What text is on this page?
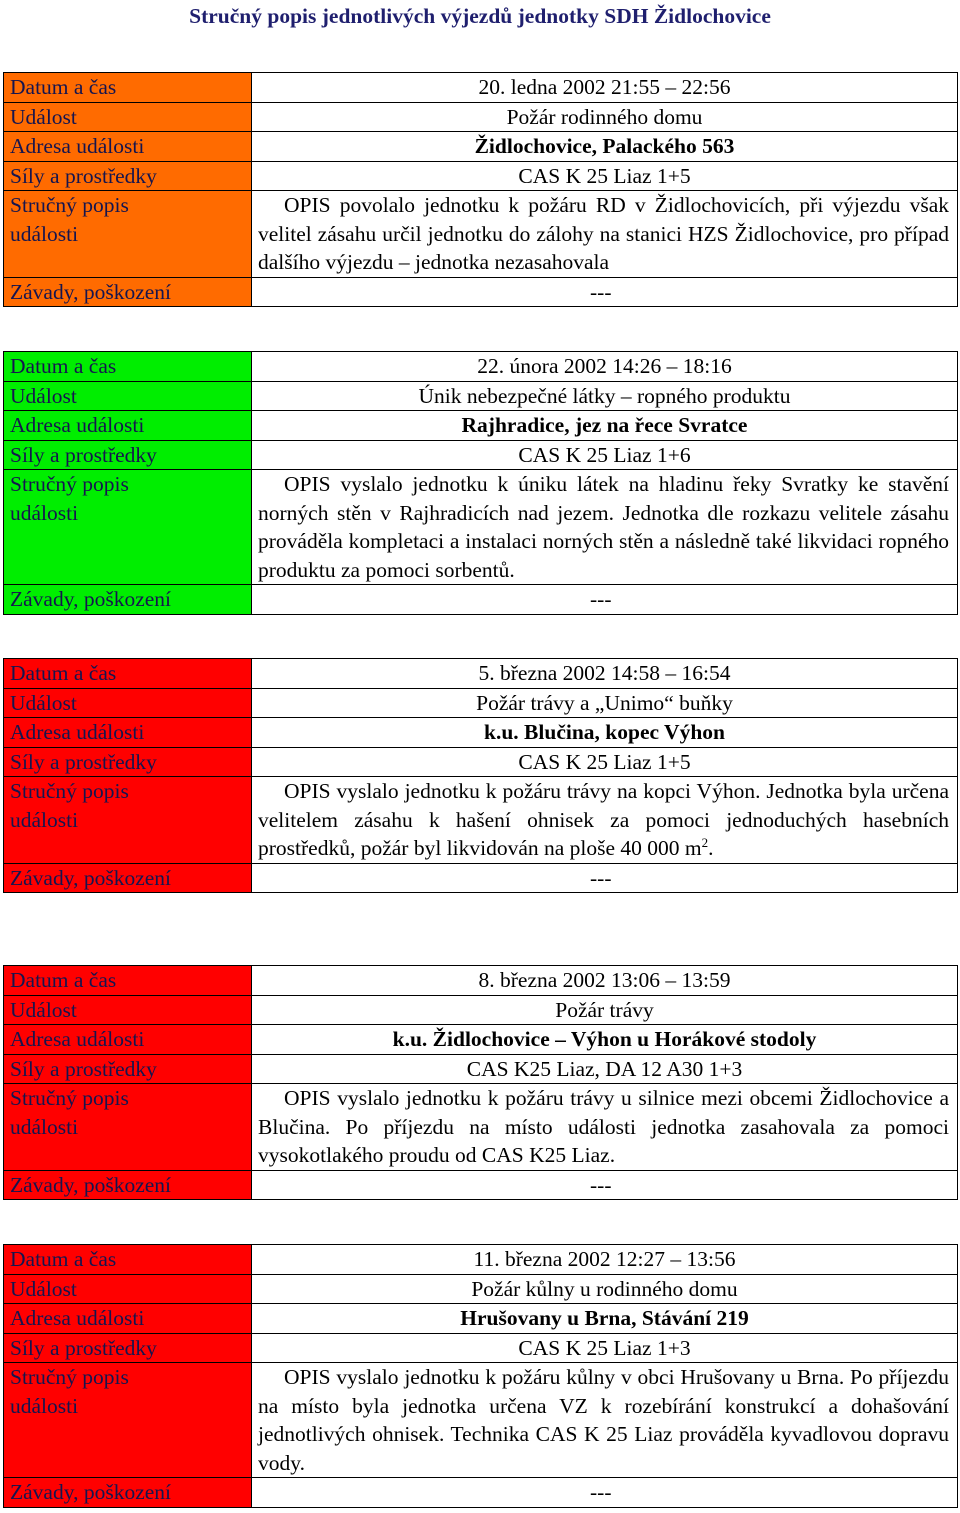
Stručný popis jednotlivých výjezdů jednotky SDH Židlochovice
Datum a čas	20. ledna 2002 21:55 – 22:56
Událost	Požár rodinného domu
Adresa události	Židlochovice, Palackého 563
Síly a prostředky	CAS K 25 Liaz 1+5
Stručný popis
události	OPIS povolalo jednotku k požáru RD v Židlochovicích, při výjezdu však velitel zásahu určil jednotku do zálohy na stanici HZS Židlochovice, pro případ dalšího výjezdu – jednotka nezasahovala

Závady, poškození	---
Datum a čas	22. února 2002 14:26 – 18:16
Událost	Únik nebezpečné látky – ropného produktu
Adresa události	Rajhradice, jez na řece Svratce
Síly a prostředky	CAS K 25 Liaz 1+6
Stručný popis
události	OPIS vyslalo jednotku k úniku látek na hladinu řeky Svratky ke stavění norných stěn v Rajhradicích nad jezem. Jednotka dle rozkazu velitele zásahu prováděla kompletaci a instalaci norných stěn a následně také likvidaci ropného produktu za pomoci sorbentů.

Závady, poškození	---
Datum a čas	5. března 2002 14:58 – 16:54
Událost	Požár trávy a „Unimo“ buňky
Adresa události	k.u. Blučina, kopec Výhon
Síly a prostředky	CAS K 25 Liaz 1+5
Stručný popis
události	OPIS vyslalo jednotku k požáru trávy na kopci Výhon. Jednotka byla určena velitelem zásahu k hašení ohnisek za pomoci jednoduchých hasebních prostředků, požár byl likvidován na ploše 40 000 $m^2$.

Závady, poškození	---
Datum a čas	8. března 2002 13:06 – 13:59
Událost	Požár trávy
Adresa události	k.u. Židlochovice – Výhon u Horákové stodoly
Síly a prostředky	CAS K25 Liaz, DA 12 A30 1+3
Stručný popis
události	OPIS vyslalo jednotku k požáru trávy u silnice mezi obcemi Židlochovice a Blučina. Po příjezdu na místo události jednotka zasahovala za pomoci vysokotlakého proudu od CAS K25 Liaz.

Závady, poškození	---
Datum a čas	11. března 2002 12:27 – 13:56
Událost	Požár kůlny u rodinného domu
Adresa události	Hrušovany u Brna, Stávání 219
Síly a prostředky	CAS K 25 Liaz 1+3
Stručný popis
události	OPIS vyslalo jednotku k požáru kůlny v obci Hrušovany u Brna. Po příjezdu na místo byla jednotka určena VZ k rozebírání konstrukcí a dohašování jednotlivých ohnisek. Technika CAS K 25 Liaz prováděla kyvadlovou dopravu vody.

Závady, poškození	---
